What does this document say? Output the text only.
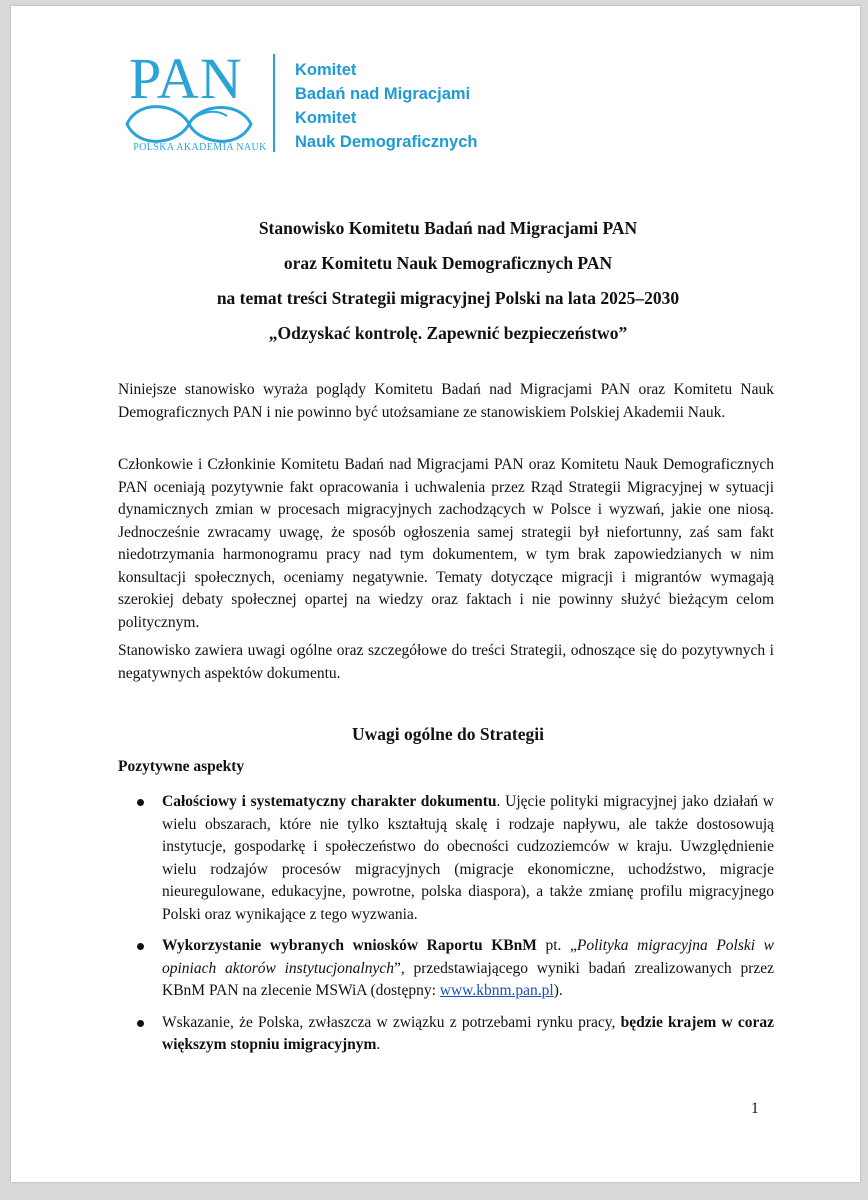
PAN
POLSKA AKADEMIA NAUK
Komitet
Badań nad Migracjami
Komitet
Nauk Demograficznych
Stanowisko Komitetu Badań nad Migracjami PAN
oraz Komitetu Nauk Demograficznych PAN
na temat treści Strategii migracyjnej Polski na lata 2025–2030
„Odzyskać kontrolę. Zapewnić bezpieczeństwo”
Niniejsze stanowisko wyraża poglądy Komitetu Badań nad Migracjami PAN oraz Komitetu Nauk Demograficznych PAN i nie powinno być utożsamiane ze stanowiskiem Polskiej Akademii Nauk.
Członkowie i Członkinie Komitetu Badań nad Migracjami PAN oraz Komitetu Nauk Demograficznych PAN oceniają pozytywnie fakt opracowania i uchwalenia przez Rząd Strategii Migracyjnej w sytuacji dynamicznych zmian w procesach migracyjnych zachodzących w Polsce i wyzwań, jakie one niosą. Jednocześnie zwracamy uwagę, że sposób ogłoszenia samej strategii był niefortunny, zaś sam fakt niedotrzymania harmonogramu pracy nad tym dokumentem, w tym brak zapowiedzianych w nim konsultacji społecznych, oceniamy negatywnie. Tematy dotyczące migracji i migrantów wymagają szerokiej debaty społecznej opartej na wiedzy oraz faktach i nie powinny służyć bieżącym celom politycznym.
Stanowisko zawiera uwagi ogólne oraz szczegółowe do treści Strategii, odnoszące się do pozytywnych i negatywnych aspektów dokumentu.
Uwagi ogólne do Strategii
Pozytywne aspekty
Całościowy i systematyczny charakter dokumentu. Ujęcie polityki migracyjnej jako działań w wielu obszarach, które nie tylko kształtują skalę i rodzaje napływu, ale także dostosowują instytucje, gospodarkę i społeczeństwo do obecności cudzoziemców w kraju. Uwzględnienie wielu rodzajów procesów migracyjnych (migracje ekonomiczne, uchodźstwo, migracje nieuregulowane, edukacyjne, powrotne, polska diaspora), a także zmianę profilu migracyjnego Polski oraz wynikające z tego wyzwania.
Wykorzystanie wybranych wniosków Raportu KBnM pt. „Polityka migracyjna Polski w opiniach aktorów instytucjonalnych”, przedstawiającego wyniki badań zrealizowanych przez KBnM PAN na zlecenie MSWiA (dostępny: www.kbnm.pan.pl).
Wskazanie, że Polska, zwłaszcza w związku z potrzebami rynku pracy, będzie krajem w coraz większym stopniu imigracyjnym.
1
